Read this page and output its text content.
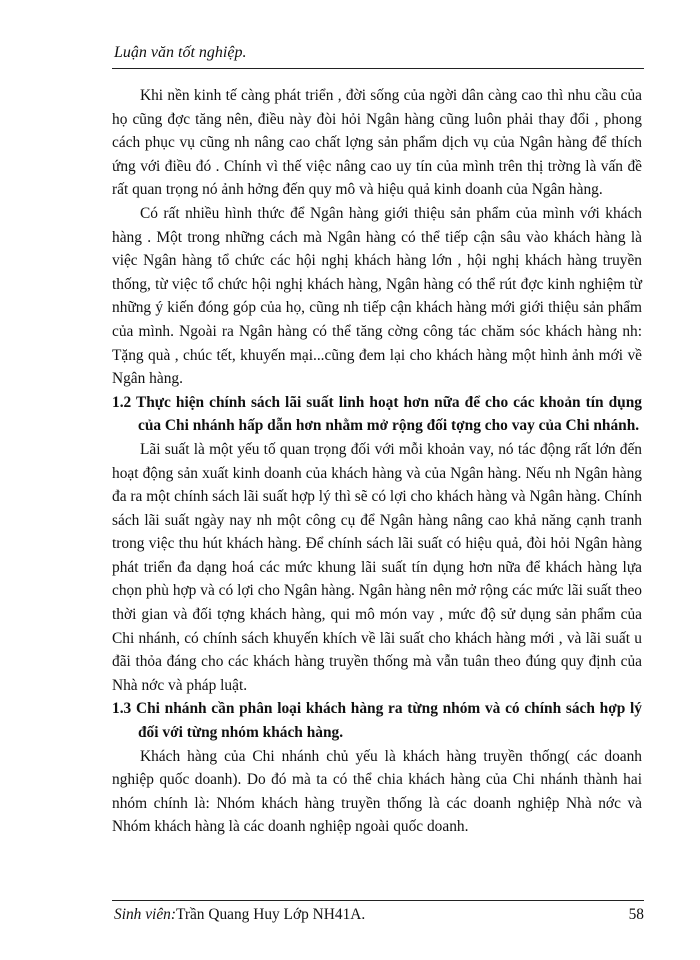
Luận văn tốt nghiệp.

Khi nền kinh tế càng phát triển , đời sống của ngời dân càng cao thì nhu cầu của họ cũng đợc tăng nên, điều này đòi hỏi Ngân hàng cũng luôn phải thay đổi , phong cách phục vụ cũng nh nâng cao chất lợng sản phẩm dịch vụ của Ngân hàng để thích ứng với điều đó . Chính vì thế việc nâng cao uy tín của mình trên thị trờng là vấn đề rất quan trọng nó ảnh hởng đến quy mô và hiệu quả kinh doanh của Ngân hàng.

Có rất nhiều hình thức để Ngân hàng giới thiệu sản phẩm của mình với khách hàng . Một trong những cách mà Ngân hàng có thể tiếp cận sâu vào khách hàng là việc Ngân hàng tổ chức các hội nghị khách hàng lớn , hội nghị khách hàng truyền thống, từ việc tổ chức hội nghị khách hàng, Ngân hàng có thể rút đợc kinh nghiệm từ những ý kiến đóng góp của họ, cũng nh tiếp cận khách hàng mới giới thiệu sản phẩm của mình. Ngoài ra Ngân hàng có thể tăng cờng công tác chăm sóc khách hàng nh: Tặng quà , chúc tết, khuyến mại...cũng đem lại cho khách hàng một hình ảnh mới về Ngân hàng.

1.2 Thực hiện chính sách lãi suất linh hoạt hơn nữa để cho các khoản tín dụng của Chi nhánh hấp dẫn hơn nhằm mở rộng đối tợng cho vay của Chi nhánh.

Lãi suất là một yếu tố quan trọng đối với mỗi khoản vay, nó tác động rất lớn đến hoạt động sản xuất kinh doanh của khách hàng và của Ngân hàng. Nếu nh Ngân hàng đa ra một chính sách lãi suất hợp lý thì sẽ có lợi cho khách hàng và Ngân hàng. Chính sách lãi suất ngày nay nh một công cụ để Ngân hàng nâng cao khả năng cạnh tranh trong việc thu hút khách hàng. Để chính sách lãi suất có hiệu quả, đòi hỏi Ngân hàng phát triển đa dạng hoá các mức khung lãi suất tín dụng hơn nữa để khách hàng lựa chọn phù hợp và có lợi cho Ngân hàng. Ngân hàng nên mở rộng các mức lãi suất theo thời gian và đối tợng khách hàng, qui mô món vay , mức độ sử dụng sản phẩm của Chi nhánh, có chính sách khuyến khích về lãi suất cho khách hàng mới , và lãi suất u đãi thỏa đáng cho các khách hàng truyền thống mà vẫn tuân theo đúng quy định của Nhà nớc và pháp luật.

1.3 Chi nhánh cần phân loại khách hàng ra từng nhóm và có chính sách hợp lý đối với từng nhóm khách hàng.

Khách hàng của Chi nhánh chủ yếu là khách hàng truyền thống( các doanh nghiệp quốc doanh). Do đó mà ta có thể chia khách hàng của Chi nhánh thành hai nhóm chính là: Nhóm khách hàng truyền thống là các doanh nghiệp Nhà nớc và Nhóm khách hàng là các doanh nghiệp ngoài quốc doanh.

Sinh viên:Trần Quang Huy Lớp NH41A.	58
